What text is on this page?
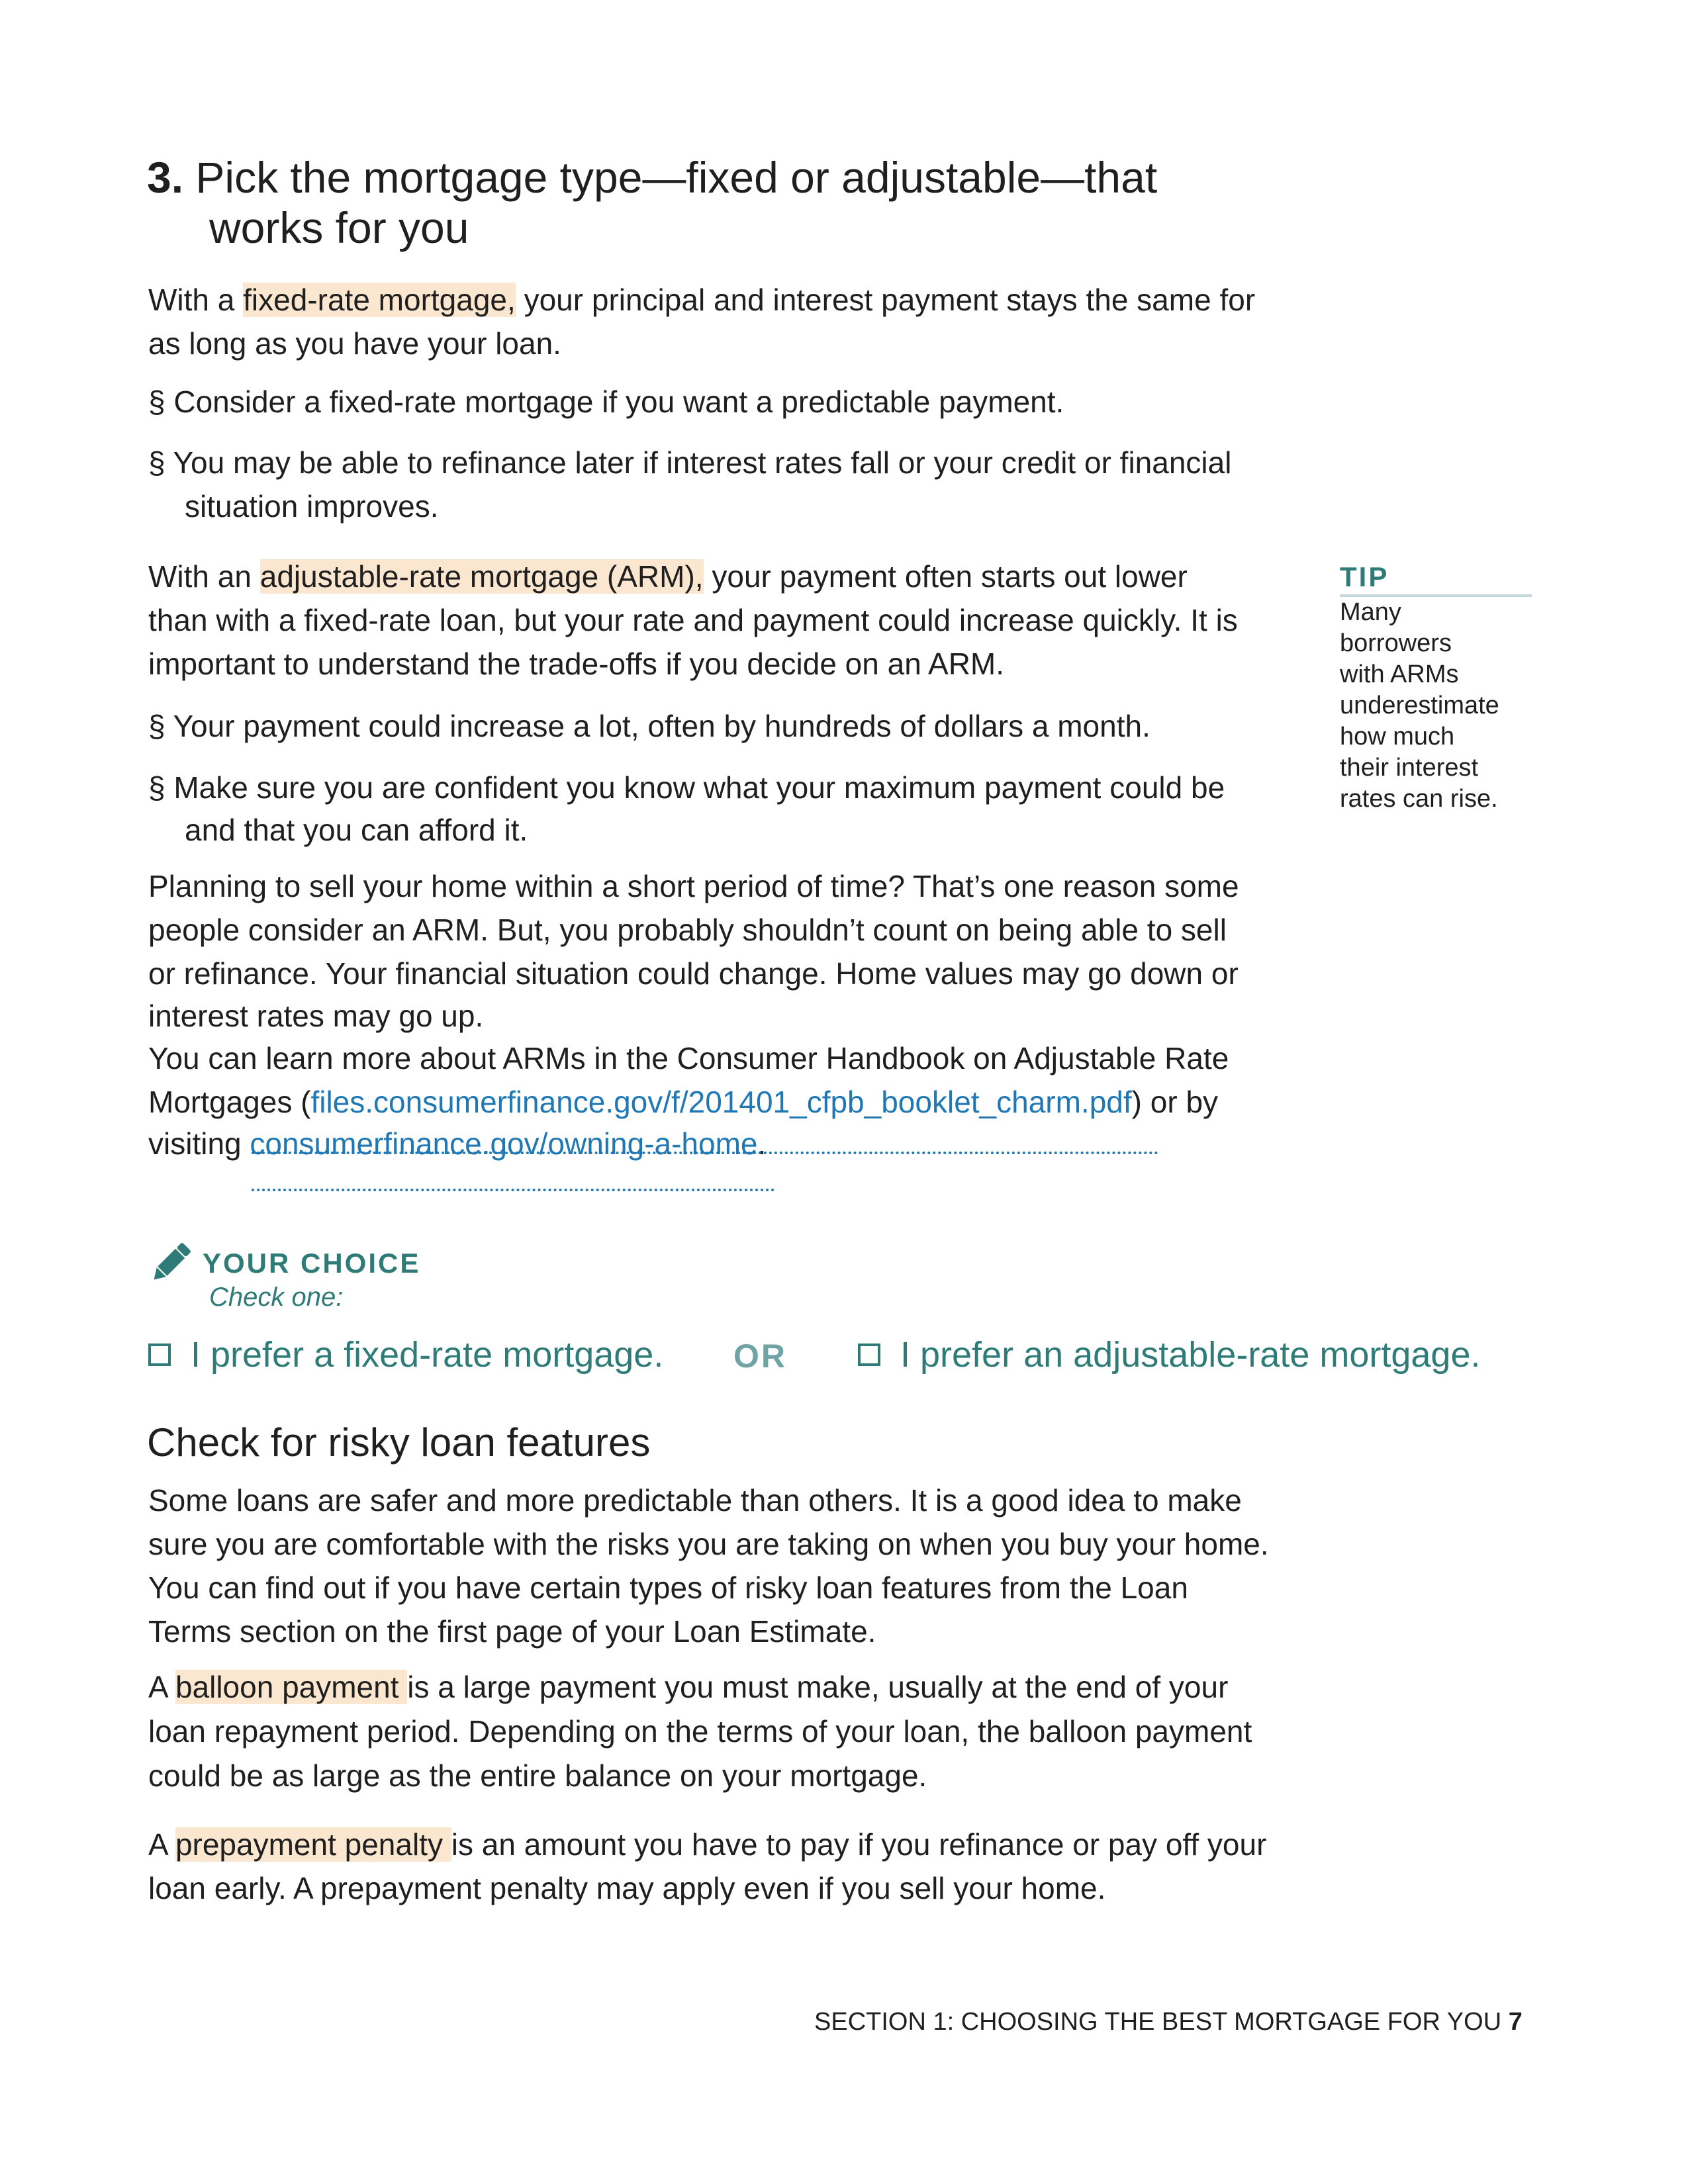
3. Pick the mortgage type—fixed or adjustable—that
works for you
With a fixed-rate mortgage, your principal and interest payment stays the same for
as long as you have your loan.
§ Consider a fixed-rate mortgage if you want a predictable payment.
§ You may be able to refinance later if interest rates fall or your credit or financial
situation improves.
With an adjustable-rate mortgage (ARM), your payment often starts out lower
than with a fixed-rate loan, but your rate and payment could increase quickly. It is
important to understand the trade-offs if you decide on an ARM.
§ Your payment could increase a lot, often by hundreds of dollars a month.
§ Make sure you are confident you know what your maximum payment could be
and that you can afford it.
Planning to sell your home within a short period of time? That’s one reason some
people consider an ARM. But, you probably shouldn’t count on being able to sell
or refinance. Your financial situation could change. Home values may go down or
interest rates may go up.
You can learn more about ARMs in the Consumer Handbook on Adjustable Rate
Mortgages (files.consumerfinance.gov/f/201401_cfpb_booklet_charm.pdf) or by
visiting consumerfinance.gov/owning-a-home.
TIP
Many
borrowers
with ARMs
underestimate
how much
their interest
rates can rise.
YOUR CHOICE
Check one:
I prefer a fixed-rate mortgage. OR	I prefer an adjustable-rate mortgage.
Check for risky loan features
Some loans are safer and more predictable than others. It is a good idea to make
sure you are comfortable with the risks you are taking on when you buy your home.
You can find out if you have certain types of risky loan features from the Loan
Terms section on the first page of your Loan Estimate.
A balloon payment is a large payment you must make, usually at the end of your
loan repayment period. Depending on the terms of your loan, the balloon payment
could be as large as the entire balance on your mortgage.
A prepayment penalty is an amount you have to pay if you refinance or pay off your
loan early. A prepayment penalty may apply even if you sell your home.
SECTION 1: CHOOSING THE BEST MORTGAGE FOR YOU 7
